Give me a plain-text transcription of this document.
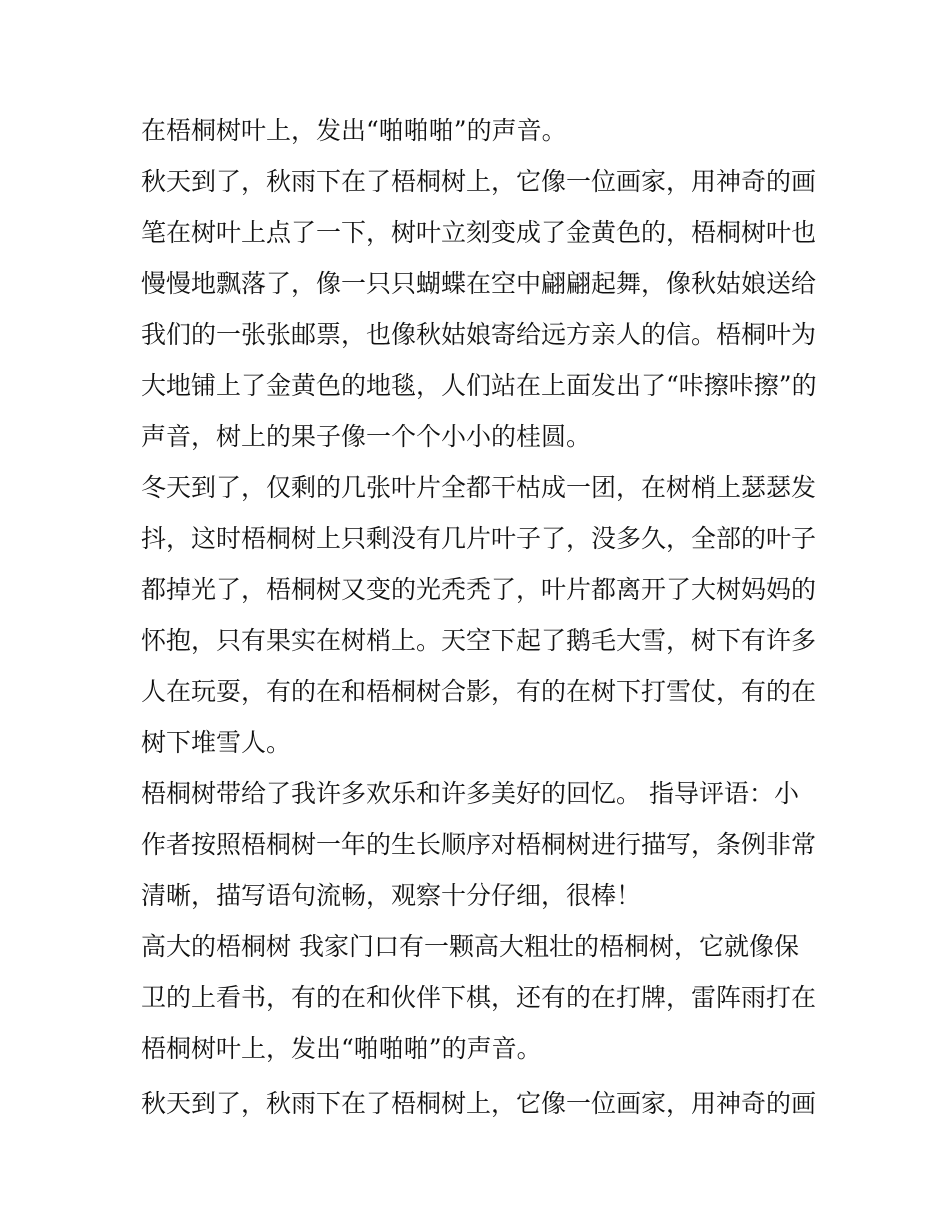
在梧桐树叶上，发出“啪啪啪”的声音。
秋天到了，秋雨下在了梧桐树上，它像一位画家，用神奇的画
笔在树叶上点了一下，树叶立刻变成了金黄色的，梧桐树叶也
慢慢地飘落了，像一只只蝴蝶在空中翩翩起舞，像秋姑娘送给
我们的一张张邮票，也像秋姑娘寄给远方亲人的信。梧桐叶为
大地铺上了金黄色的地毯，人们站在上面发出了“咔擦咔擦”的
声音，树上的果子像一个个小小的桂圆。
冬天到了，仅剩的几张叶片全都干枯成一团，在树梢上瑟瑟发
抖，这时梧桐树上只剩没有几片叶子了，没多久，全部的叶子
都掉光了，梧桐树又变的光秃秃了，叶片都离开了大树妈妈的
怀抱，只有果实在树梢上。天空下起了鹅毛大雪，树下有许多
人在玩耍，有的在和梧桐树合影，有的在树下打雪仗，有的在
树下堆雪人。
梧桐树带给了我许多欢乐和许多美好的回忆。 指导评语：小
作者按照梧桐树一年的生长顺序对梧桐树进行描写，条例非常
清晰，描写语句流畅，观察十分仔细，很棒！
高大的梧桐树 我家门口有一颗高大粗壮的梧桐树，它就像保
卫的上看书，有的在和伙伴下棋，还有的在打牌，雷阵雨打在
梧桐树叶上，发出“啪啪啪”的声音。
秋天到了，秋雨下在了梧桐树上，它像一位画家，用神奇的画
